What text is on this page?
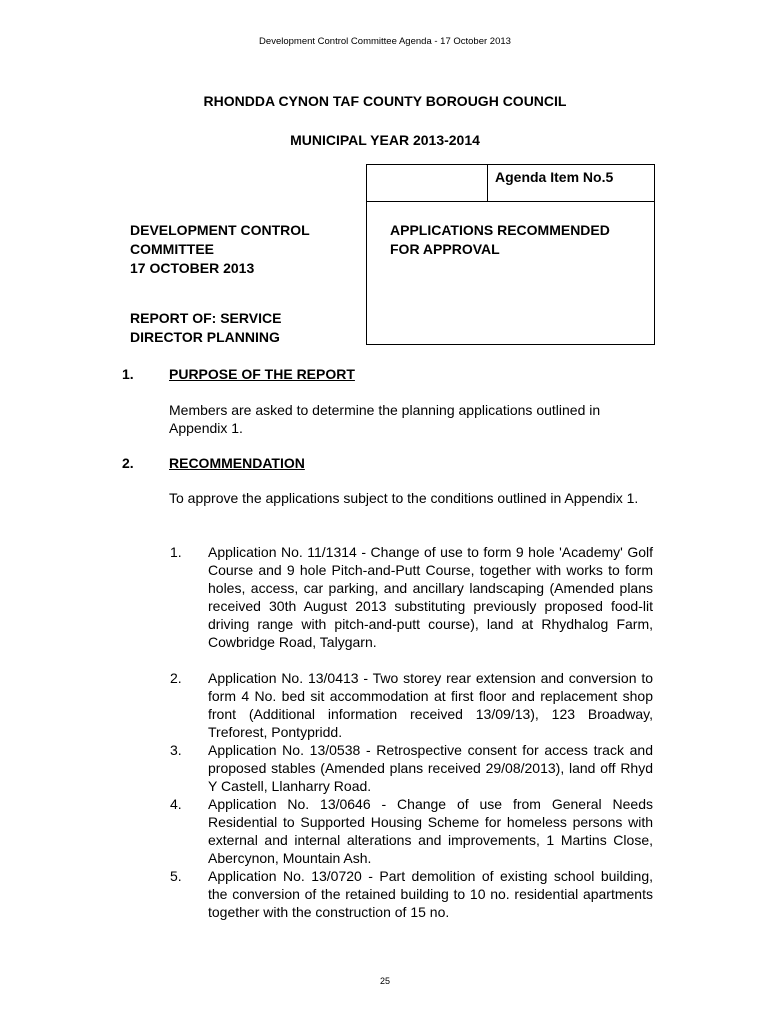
Development Control Committee Agenda - 17 October 2013
RHONDDA CYNON TAF COUNTY BOROUGH COUNCIL
MUNICIPAL YEAR 2013-2014
Agenda Item No.5
DEVELOPMENT CONTROL
COMMITTEE
17 OCTOBER 2013
APPLICATIONS RECOMMENDED
FOR APPROVAL
REPORT OF: SERVICE
DIRECTOR PLANNING
1.	PURPOSE OF THE REPORT
Members are asked to determine the planning applications outlined in Appendix 1.
2.	RECOMMENDATION
To approve the applications subject to the conditions outlined in Appendix 1.
1. Application No. 11/1314 - Change of use to form 9 hole 'Academy' Golf Course and 9 hole Pitch-and-Putt Course, together with works to form holes, access, car parking, and ancillary landscaping (Amended plans received 30th August 2013 substituting previously proposed food-lit driving range with pitch-and-putt course), land at Rhydhalog Farm, Cowbridge Road, Talygarn.
2. Application No. 13/0413 - Two storey rear extension and conversion to form 4 No. bed sit accommodation at first floor and replacement shop front (Additional information received 13/09/13), 123 Broadway, Treforest, Pontypridd.
3. Application No. 13/0538 - Retrospective consent for access track and proposed stables (Amended plans received 29/08/2013), land off Rhyd Y Castell, Llanharry Road.
4. Application No. 13/0646 - Change of use from General Needs Residential to Supported Housing Scheme for homeless persons with external and internal alterations and improvements, 1 Martins Close, Abercynon, Mountain Ash.
5. Application No. 13/0720 - Part demolition of existing school building, the conversion of the retained building to 10 no. residential apartments together with the construction of 15 no.
25
